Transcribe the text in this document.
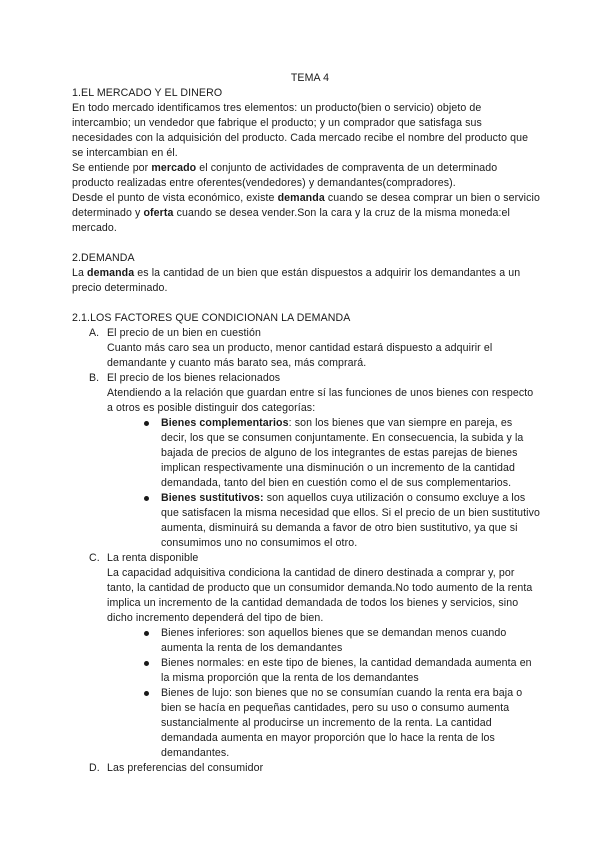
TEMA 4

1.EL MERCADO Y EL DINERO

En todo mercado identificamos tres elementos: un producto(bien o servicio) objeto de intercambio; un vendedor que fabrique el producto; y un comprador que satisfaga sus necesidades con la adquisición del producto. Cada mercado recibe el nombre del producto que se intercambian en él.

Se entiende por mercado el conjunto de actividades de compraventa de un determinado producto realizadas entre oferentes(vendedores) y demandantes(compradores).

Desde el punto de vista económico, existe demanda cuando se desea comprar un bien o servicio determinado y oferta cuando se desea vender.Son la cara y la cruz de la misma moneda:el mercado.

2.DEMANDA

La demanda es la cantidad de un bien que están dispuestos a adquirir los demandantes a un precio determinado.

2.1.LOS FACTORES QUE CONDICIONAN LA DEMANDA

A. El precio de un bien en cuestión

Cuanto más caro sea un producto, menor cantidad estará dispuesto a adquirir el demandante y cuanto más barato sea, más comprará.

B. El precio de los bienes relacionados

Atendiendo a la relación que guardan entre sí las funciones de unos bienes con respecto a otros es posible distinguir dos categorías:

Bienes complementarios: son los bienes que van siempre en pareja, es decir, los que se consumen conjuntamente. En consecuencia, la subida y la bajada de precios de alguno de los integrantes de estas parejas de bienes implican respectivamente una disminución o un incremento de la cantidad demandada, tanto del bien en cuestión como el de sus complementarios.
Bienes sustitutivos: son aquellos cuya utilización o consumo excluye a los que satisfacen la misma necesidad que ellos. Si el precio de un bien sustitutivo aumenta, disminuirá su demanda a favor de otro bien sustitutivo, ya que si consumimos uno no consumimos el otro.
C. La renta disponible

La capacidad adquisitiva condiciona la cantidad de dinero destinada a comprar y, por tanto, la cantidad de producto que un consumidor demanda.No todo aumento de la renta implica un incremento de la cantidad demandada de todos los bienes y servicios, sino dicho incremento dependerá del tipo de bien.

Bienes inferiores: son aquellos bienes que se demandan menos cuando aumenta la renta de los demandantes
Bienes normales: en este tipo de bienes, la cantidad demandada aumenta en la misma proporción que la renta de los demandantes
Bienes de lujo: son bienes que no se consumían cuando la renta era baja o bien se hacía en pequeñas cantidades, pero su uso o consumo aumenta sustancialmente al producirse un incremento de la renta. La cantidad demandada aumenta en mayor proporción que lo hace la renta de los demandantes.
D. Las preferencias del consumidor
